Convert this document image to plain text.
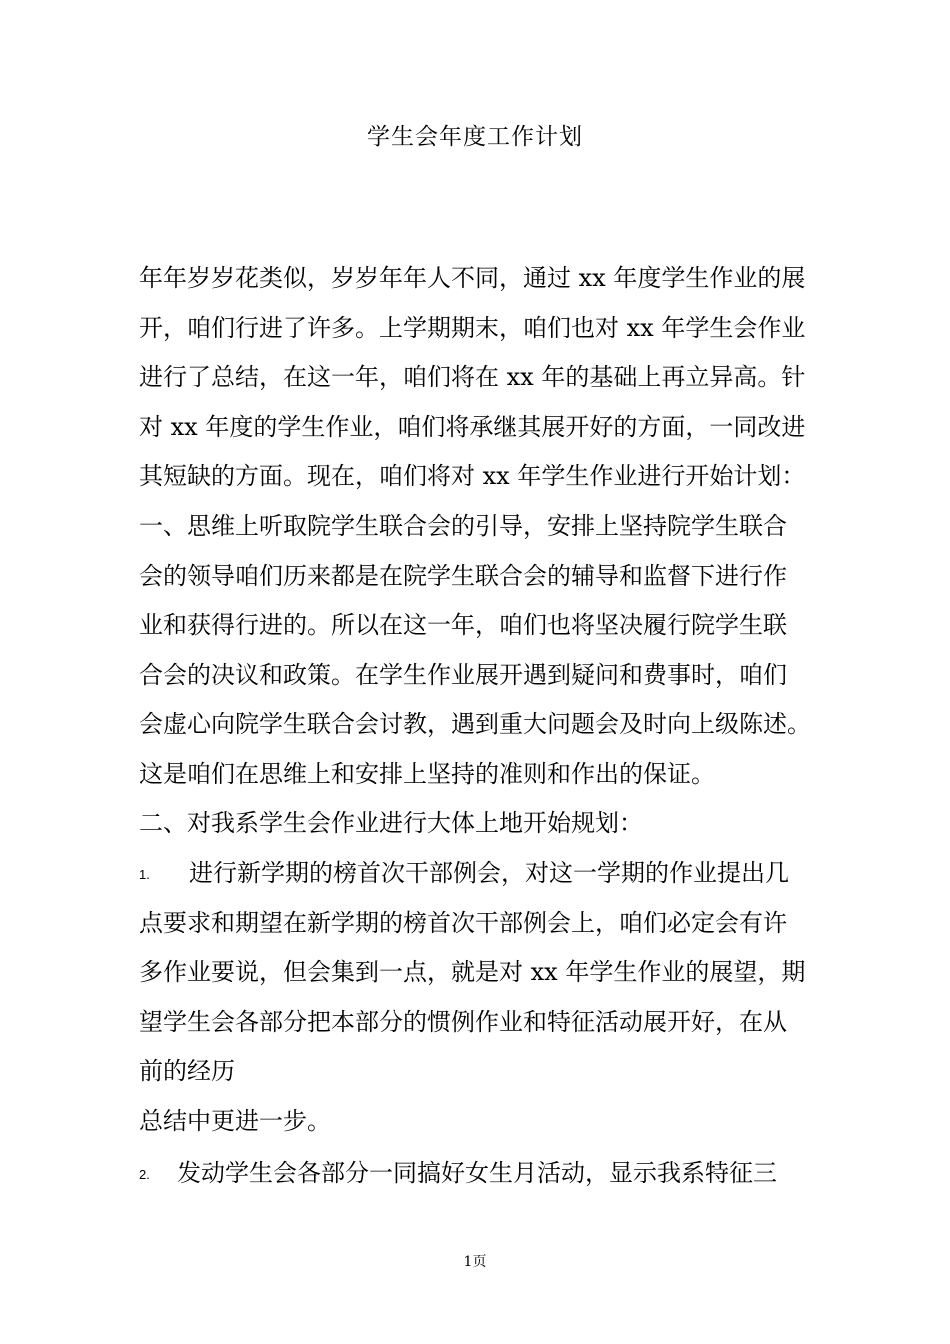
学生会年度工作计划
年年岁岁花类似，岁岁年年人不同，通过 xx 年度学生作业的展
开，咱们行进了许多。上学期期末，咱们也对 xx 年学生会作业
进行了总结，在这一年，咱们将在 xx 年的基础上再立异高。针
对 xx 年度的学生作业，咱们将承继其展开好的方面，一同改进
其短缺的方面。现在，咱们将对 xx 年学生作业进行开始计划：
一、思维上听取院学生联合会的引导，安排上坚持院学生联合
会的领导咱们历来都是在院学生联合会的辅导和监督下进行作
业和获得行进的。所以在这一年，咱们也将坚决履行院学生联
合会的决议和政策。在学生作业展开遇到疑问和费事时，咱们
会虚心向院学生联合会讨教，遇到重大问题会及时向上级陈述。
这是咱们在思维上和安排上坚持的准则和作出的保证。
二、对我系学生会作业进行大体上地开始规划：
1. 进行新学期的榜首次干部例会，对这一学期的作业提出几
点要求和期望在新学期的榜首次干部例会上，咱们必定会有许
多作业要说，但会集到一点，就是对 xx 年学生作业的展望，期
望学生会各部分把本部分的惯例作业和特征活动展开好，在从
前的经历
总结中更进一步。
2. 发动学生会各部分一同搞好女生月活动，显示我系特征三
1页
